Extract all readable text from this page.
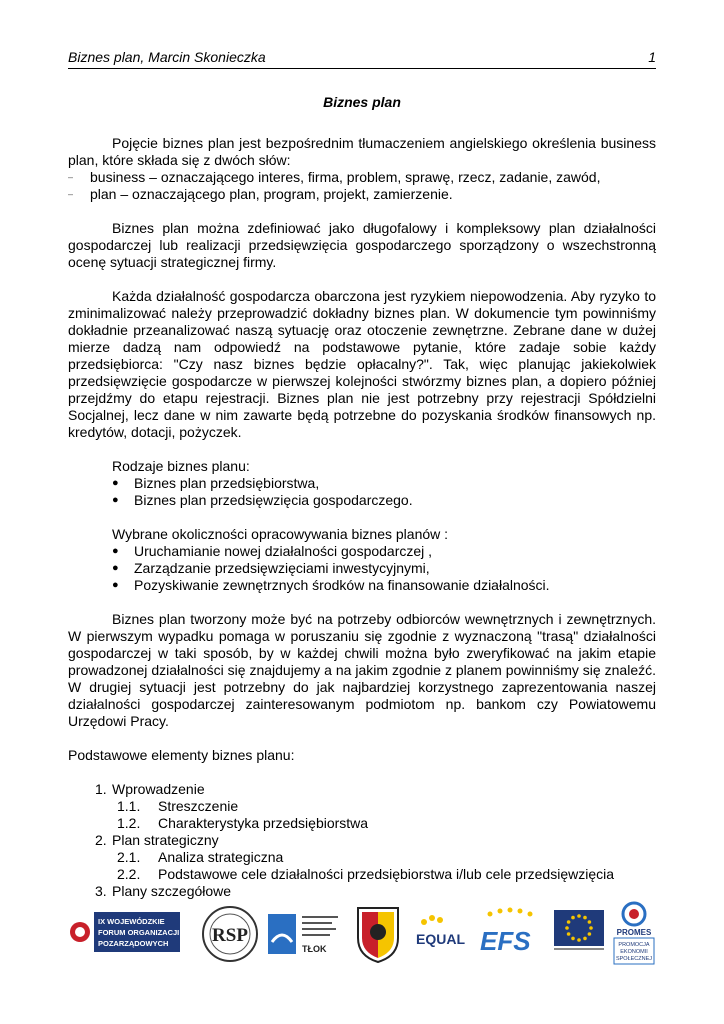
Biznes plan, Marcin Skonieczka	1

Biznes plan

Pojęcie biznes plan jest bezpośrednim tłumaczeniem angielskiego określenia business plan, które składa się z dwóch słów:

– business – oznaczającego interes, firma, problem, sprawę, rzecz, zadanie, zawód,
– plan – oznaczającego plan, program, projekt, zamierzenie.

Biznes plan można zdefiniować jako długofalowy i kompleksowy plan działalności gospodarczej lub realizacji przedsięwzięcia gospodarczego sporządzony o wszechstronną ocenę sytuacji strategicznej firmy.

Każda działalność gospodarcza obarczona jest ryzykiem niepowodzenia. Aby ryzyko to zminimalizować należy przeprowadzić dokładny biznes plan. W dokumencie tym powinniśmy dokładnie przeanalizować naszą sytuację oraz otoczenie zewnętrzne. Zebrane dane w dużej mierze dadzą nam odpowiedź na podstawowe pytanie, które zadaje sobie każdy przedsiębiorca: "Czy nasz biznes będzie opłacalny?". Tak, więc planując jakiekolwiek przedsięwzięcie gospodarcze w pierwszej kolejności stwórzmy biznes plan, a dopiero później przejdźmy do etapu rejestracji. Biznes plan nie jest potrzebny przy rejestracji Spółdzielni Socjalnej, lecz dane w nim zawarte będą potrzebne do pozyskania środków finansowych np. kredytów, dotacji, pożyczek.

Rodzaje biznes planu:

● Biznes plan przedsiębiorstwa,
● Biznes plan przedsięwzięcia gospodarczego.

Wybrane okoliczności opracowywania biznes planów :

● Uruchamianie nowej działalności gospodarczej ,
● Zarządzanie przedsięwzięciami inwestycyjnymi,
● Pozyskiwanie zewnętrznych środków na finansowanie działalności.

Biznes plan tworzony może być na potrzeby odbiorców wewnętrznych i zewnętrznych. W pierwszym wypadku pomaga w poruszaniu się zgodnie z wyznaczoną "trasą" działalności gospodarczej w taki sposób, by w każdej chwili można było zweryfikować na jakim etapie prowadzonej działalności się znajdujemy a na jakim zgodnie z planem powinniśmy się znaleźć. W drugiej sytuacji jest potrzebny do jak najbardziej korzystnego zaprezentowania naszej działalności gospodarczej zainteresowanym podmiotom np. bankom czy Powiatowemu Urzędowi Pracy.

Podstawowe elementy biznes planu:

1. Wprowadzenie
1.1. Streszczenie
1.2. Charakterystyka przedsiębiorstwa
2. Plan strategiczny
2.1. Analiza strategiczna
2.2. Podstawowe cele działalności przedsiębiorstwa i/lub cele przedsięwzięcia
3. Plany szczegółowe
IX WOJEWÓDZKIE
FORUM ORGANIZACJI
POZARZĄDOWYCH RSP
TŁOK
EQUAL EFS	PROMES
PROMOCJA
EKONOMII
SPOŁECZNEJ
